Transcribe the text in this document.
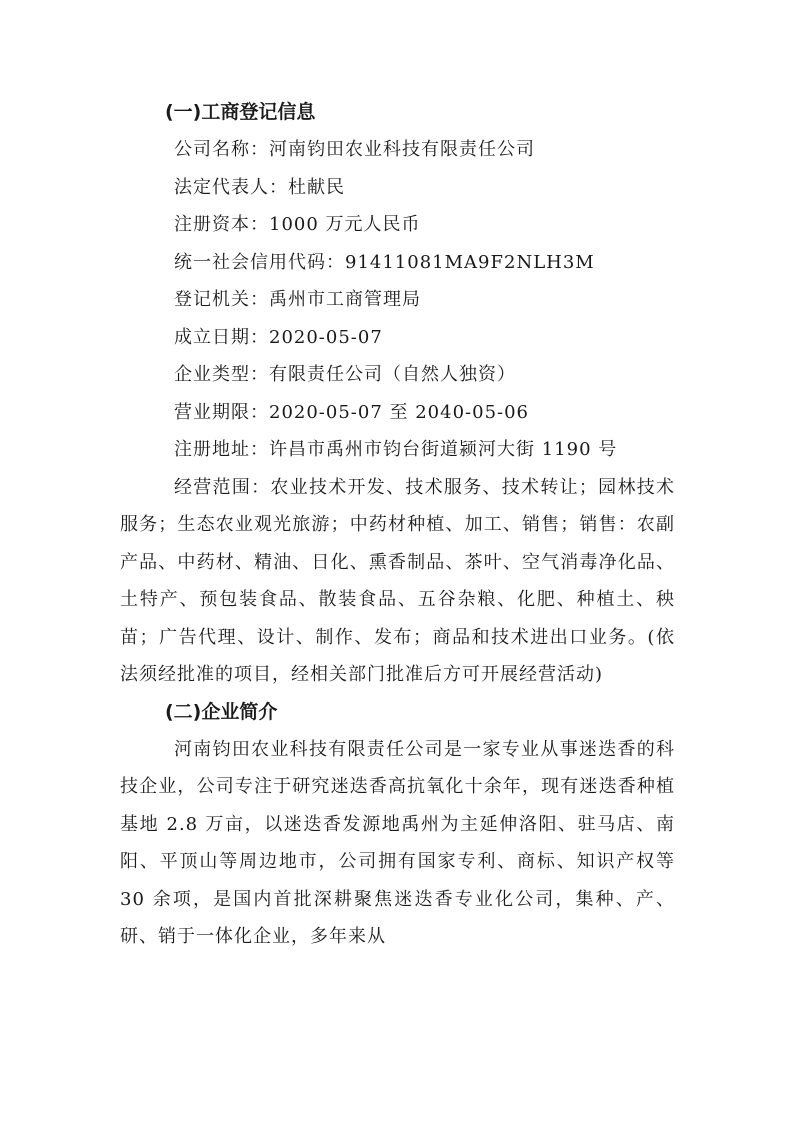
(一)工商登记信息
公司名称：河南钧田农业科技有限责任公司
法定代表人：杜献民
注册资本：1000 万元人民币
统一社会信用代码：91411081MA9F2NLH3M
登记机关：禹州市工商管理局
成立日期：2020-05-07
企业类型：有限责任公司（自然人独资）
营业期限：2020-05-07 至 2040-05-06
注册地址：许昌市禹州市钧台街道颍河大街 1190 号

经营范围：农业技术开发、技术服务、技术转让；园林技术服务；生态农业观光旅游；中药材种植、加工、销售；销售：农副产品、中药材、精油、日化、熏香制品、茶叶、空气消毒净化品、土特产、预包装食品、散装食品、五谷杂粮、化肥、种植土、秧苗；广告代理、设计、制作、发布；商品和技术进出口业务。(依法须经批准的项目，经相关部门批准后方可开展经营活动)

(二)企业简介

河南钧田农业科技有限责任公司是一家专业从事迷迭香的科技企业，公司专注于研究迷迭香高抗氧化十余年，现有迷迭香种植基地 2.8 万亩，以迷迭香发源地禹州为主延伸洛阳、驻马店、南阳、平顶山等周边地市，公司拥有国家专利、商标、知识产权等 30 余项，是国内首批深耕聚焦迷迭香专业化公司，集种、产、研、销于一体化企业，多年来从
